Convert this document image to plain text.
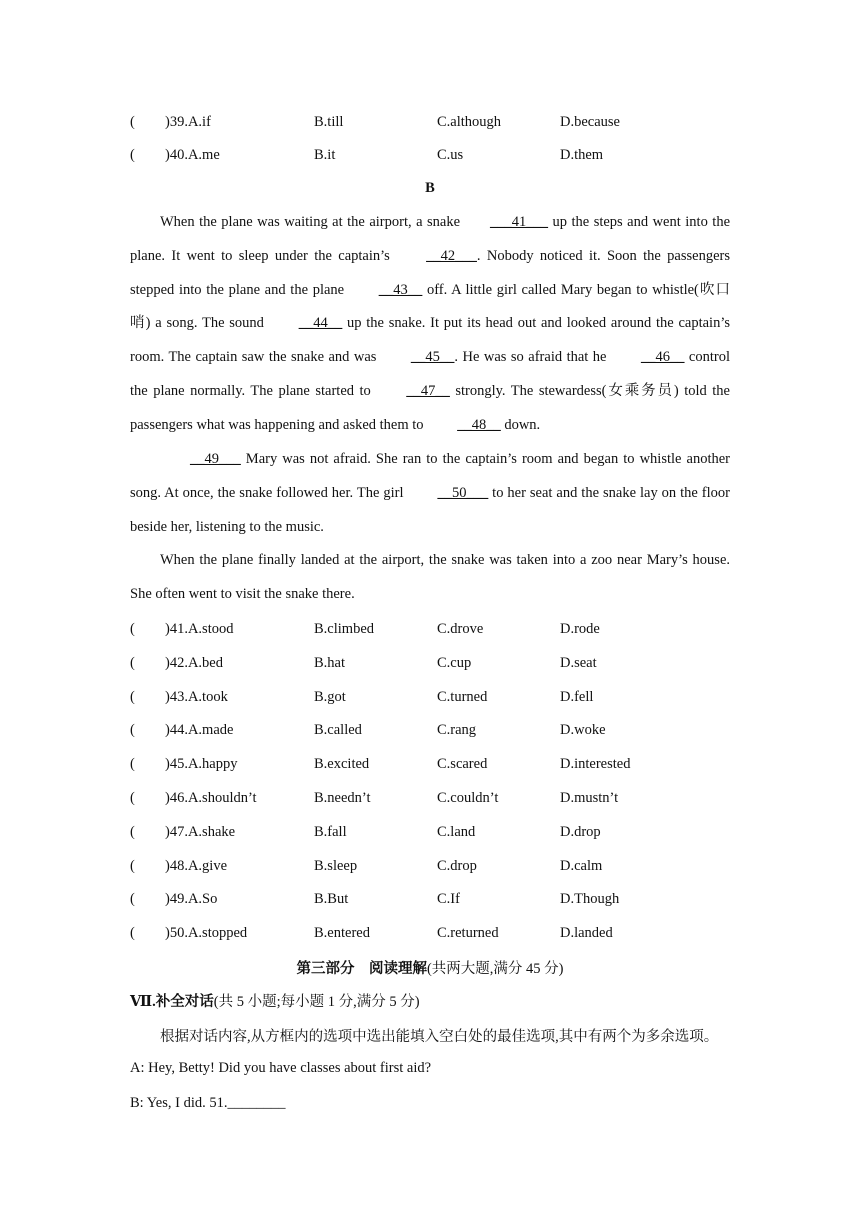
( )39.A.if	B.till	C.although	D.because
( )40.A.me	B.it	C.us	D.them
B
When the plane was waiting at the airport, a snake ___41___ up the steps and went into the plane. It went to sleep under the captain’s __42___. Nobody noticed it. Soon the passengers stepped into the plane and the plane __43__ off. A little girl called Mary began to whistle(吹口哨) a song. The sound __44__ up the snake. It put its head out and looked around the captain’s room. The captain saw the snake and was __45__. He was so afraid that he __46__ control the plane normally. The plane started to __47__ strongly. The stewardess(女乘务员) told the passengers what was happening and asked them to __48__ down.
__49___ Mary was not afraid. She ran to the captain’s room and began to whistle another song. At once, the snake followed her. The girl __50___ to her seat and the snake lay on the floor beside her, listening to the music.
When the plane finally landed at the airport, the snake was taken into a zoo near Mary’s house. She often went to visit the snake there.
( )41.A.stood	B.climbed	C.drove	D.rode
( )42.A.bed	B.hat	C.cup	D.seat
( )43.A.took	B.got	C.turned	D.fell
( )44.A.made	B.called	C.rang	D.woke
( )45.A.happy	B.excited	C.scared	D.interested
( )46.A.shouldn’t	B.needn’t	C.couldn’t	D.mustn’t
( )47.A.shake	B.fall	C.land	D.drop
( )48.A.give	B.sleep	C.drop	D.calm
( )49.A.So	B.But	C.If	D.Though
( )50.A.stopped	B.entered	C.returned	D.landed
第三部分　阅读理解(共两大题,满分 45 分)
Ⅶ.补全对话(共 5 小题;每小题 1 分,满分 5 分)
根据对话内容,从方框内的选项中选出能填入空白处的最佳选项,其中有两个为多余选项。
A: Hey, Betty! Did you have classes about first aid?
B: Yes, I did. 51.________
